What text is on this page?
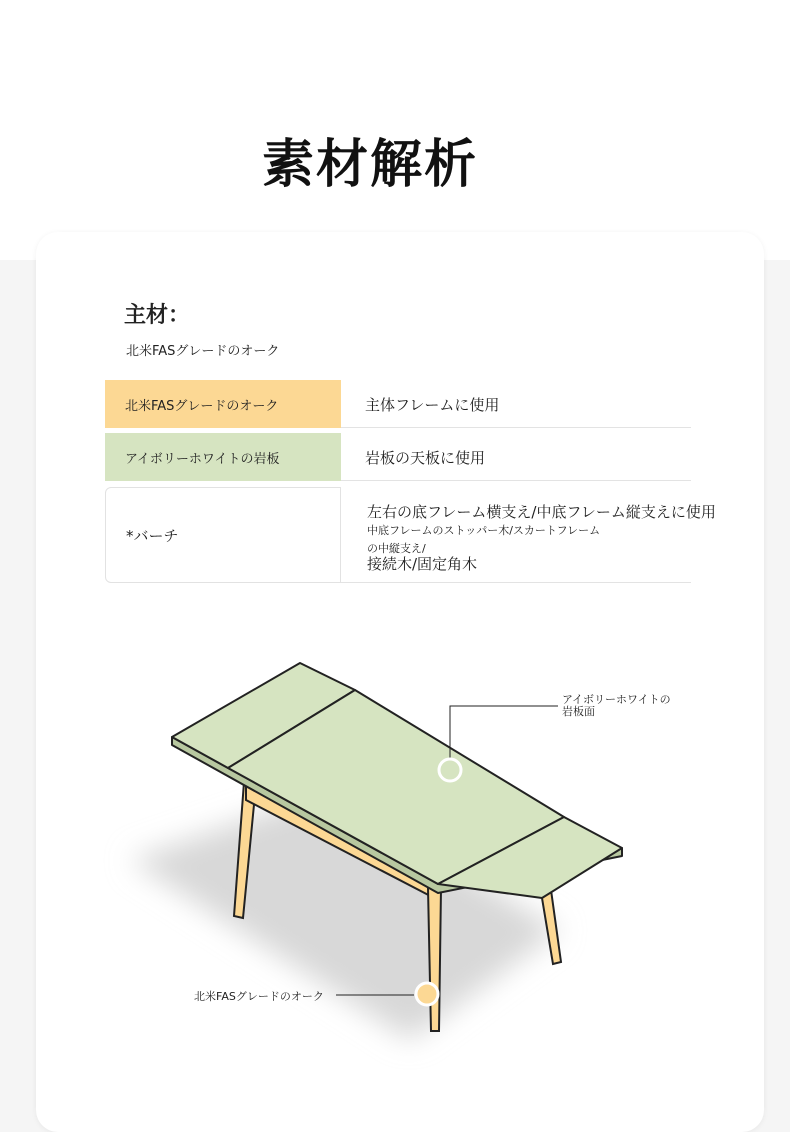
素材解析
主材：
北米FASグレードのオーク
北米FASグレードのオーク	主体フレームに使用
アイボリーホワイトの岩板	岩板の天板に使用
*バーチ
左右の底フレーム横支え/中底フレーム縦支えに使用
中底フレームのストッパー木/スカートフレーム
の中縦支え/
接続木/固定角木
アイボリーホワイトの
岩板面
北米FASグレードのオーク
